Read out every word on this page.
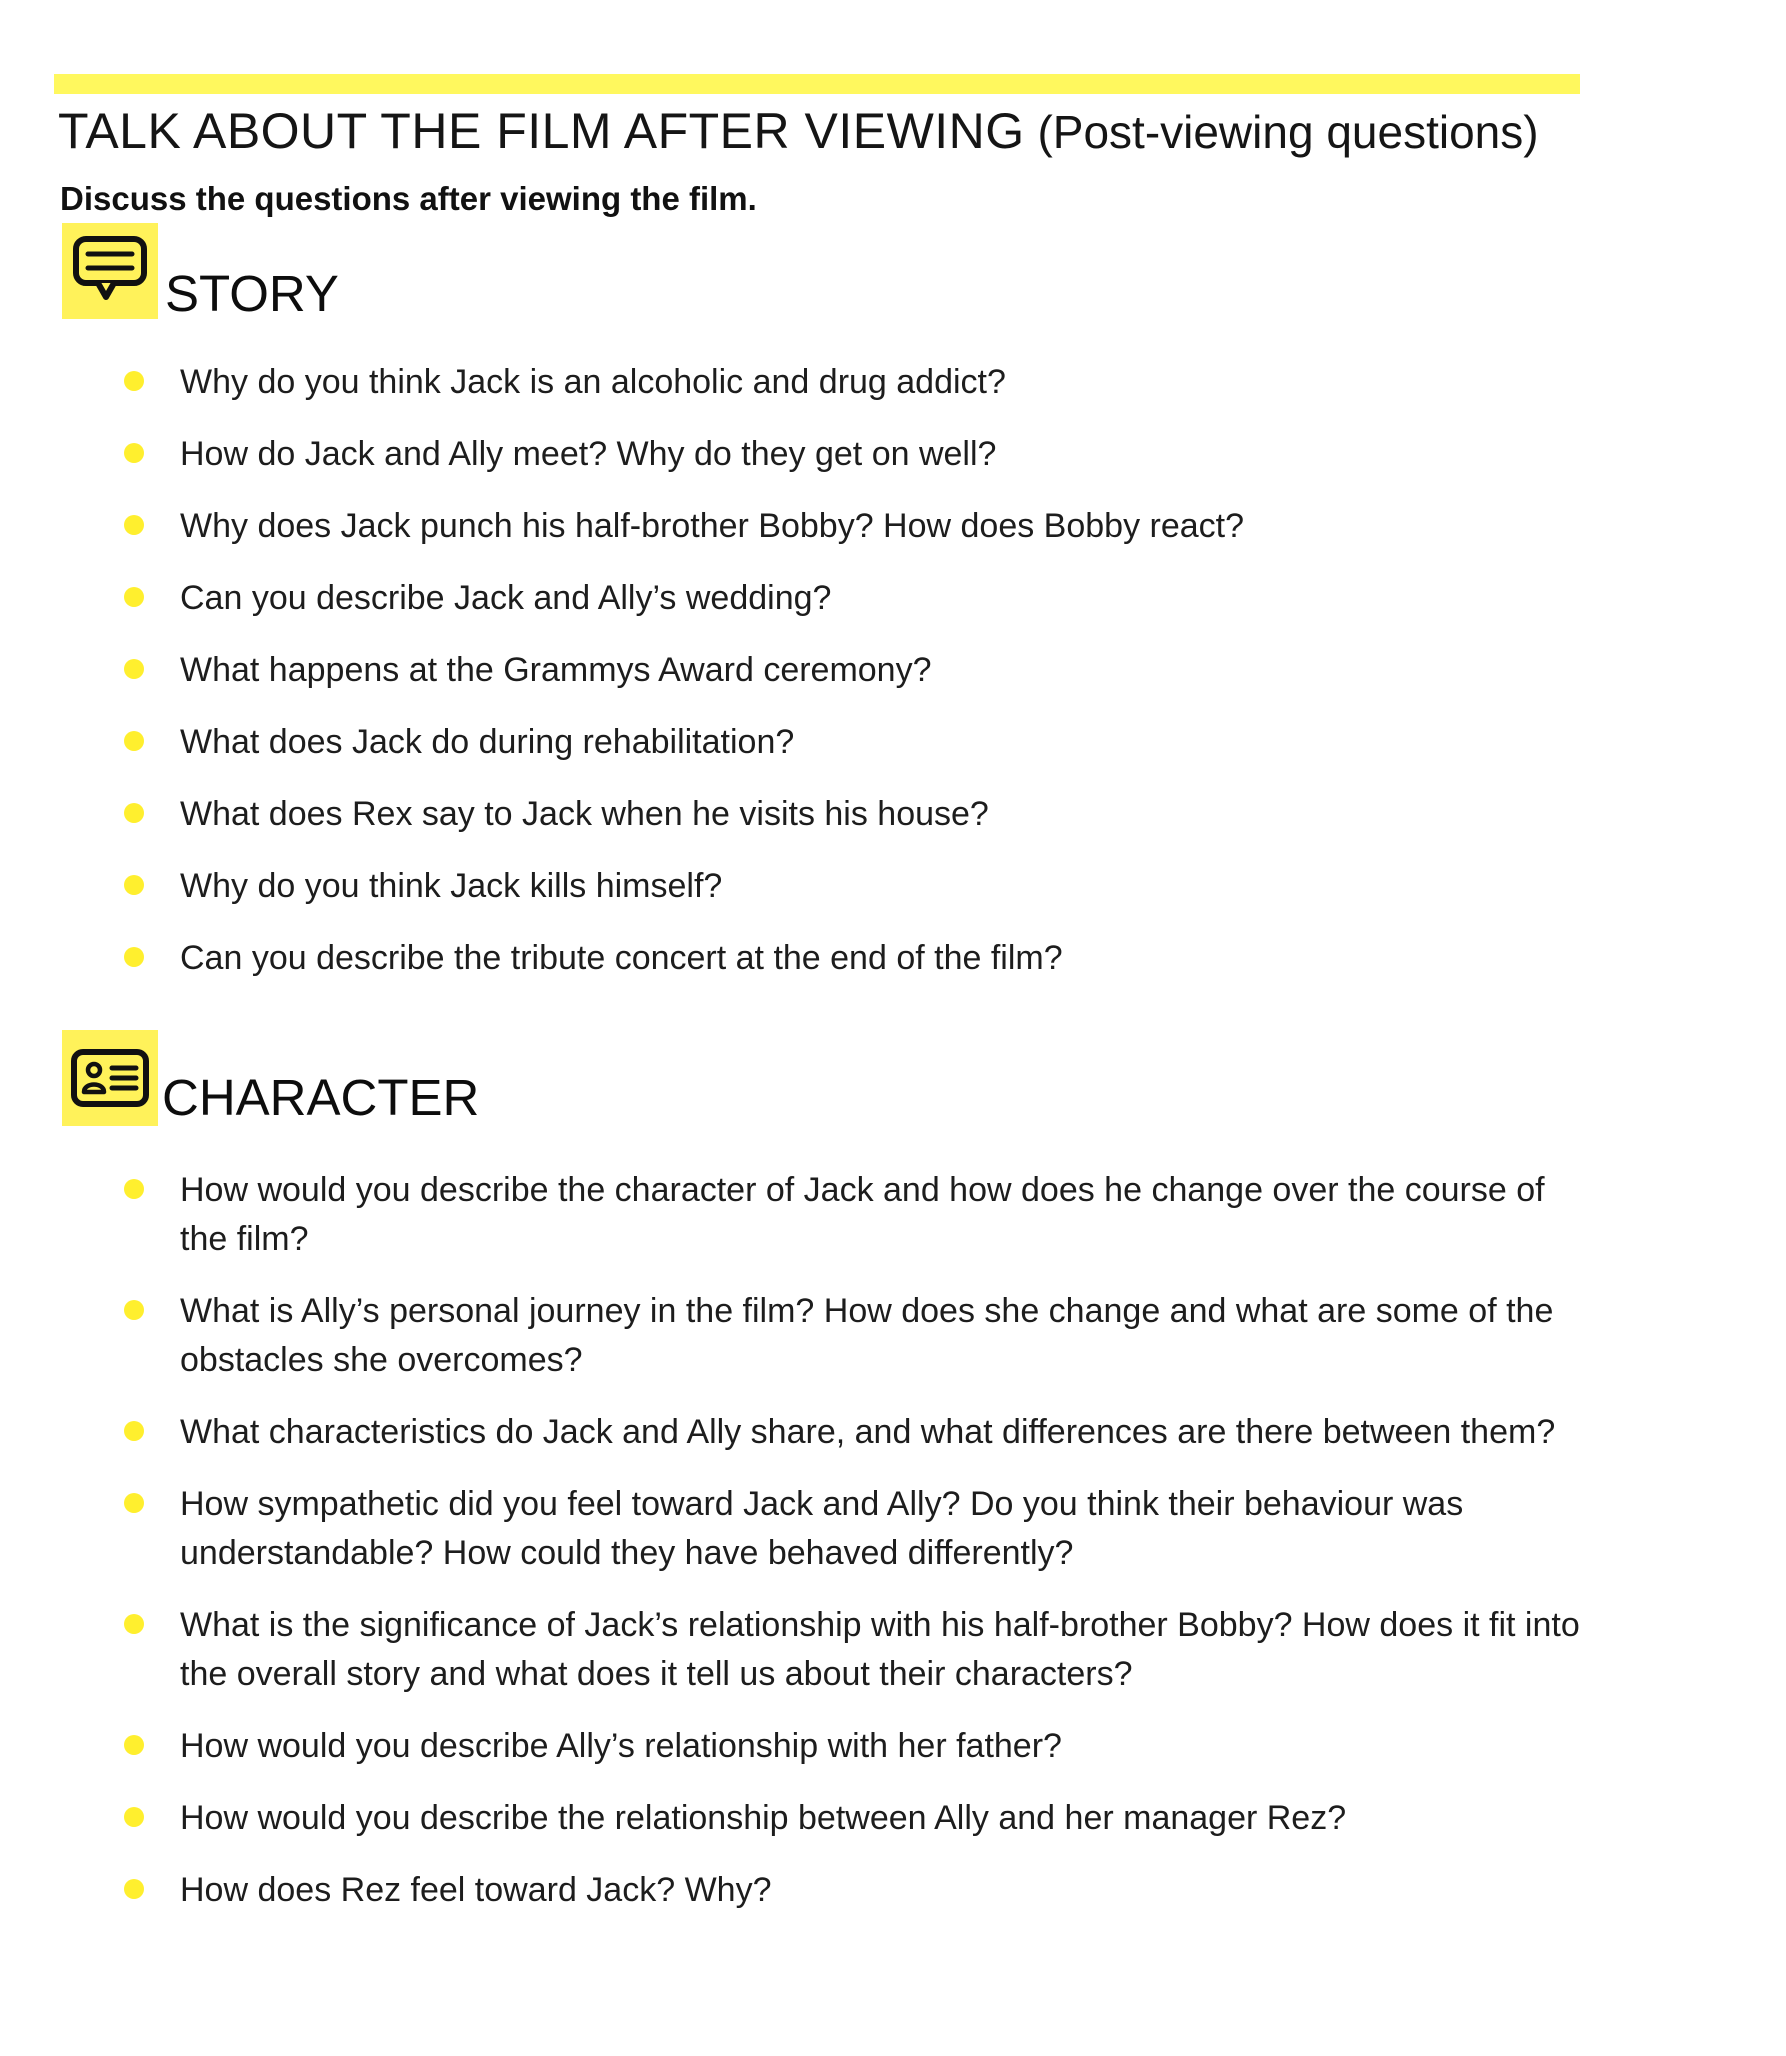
TALK ABOUT THE FILM AFTER VIEWING (Post-viewing questions)
Discuss the questions after viewing the film.
STORY
Why do you think Jack is an alcoholic and drug addict?
How do Jack and Ally meet? Why do they get on well?
Why does Jack punch his half-brother Bobby? How does Bobby react?
Can you describe Jack and Ally’s wedding?
What happens at the Grammys Award ceremony?
What does Jack do during rehabilitation?
What does Rex say to Jack when he visits his house?
Why do you think Jack kills himself?
Can you describe the tribute concert at the end of the film?
CHARACTER
How would you describe the character of Jack and how does he change over the course of the film?
What is Ally’s personal journey in the film? How does she change and what are some of the obstacles she overcomes?
What characteristics do Jack and Ally share, and what differences are there between them?
How sympathetic did you feel toward Jack and Ally? Do you think their behaviour was understandable? How could they have behaved differently?
What is the significance of Jack’s relationship with his half-brother Bobby? How does it fit into the overall story and what does it tell us about their characters?
How would you describe Ally’s relationship with her father?
How would you describe the relationship between Ally and her manager Rez?
How does Rez feel toward Jack? Why?
